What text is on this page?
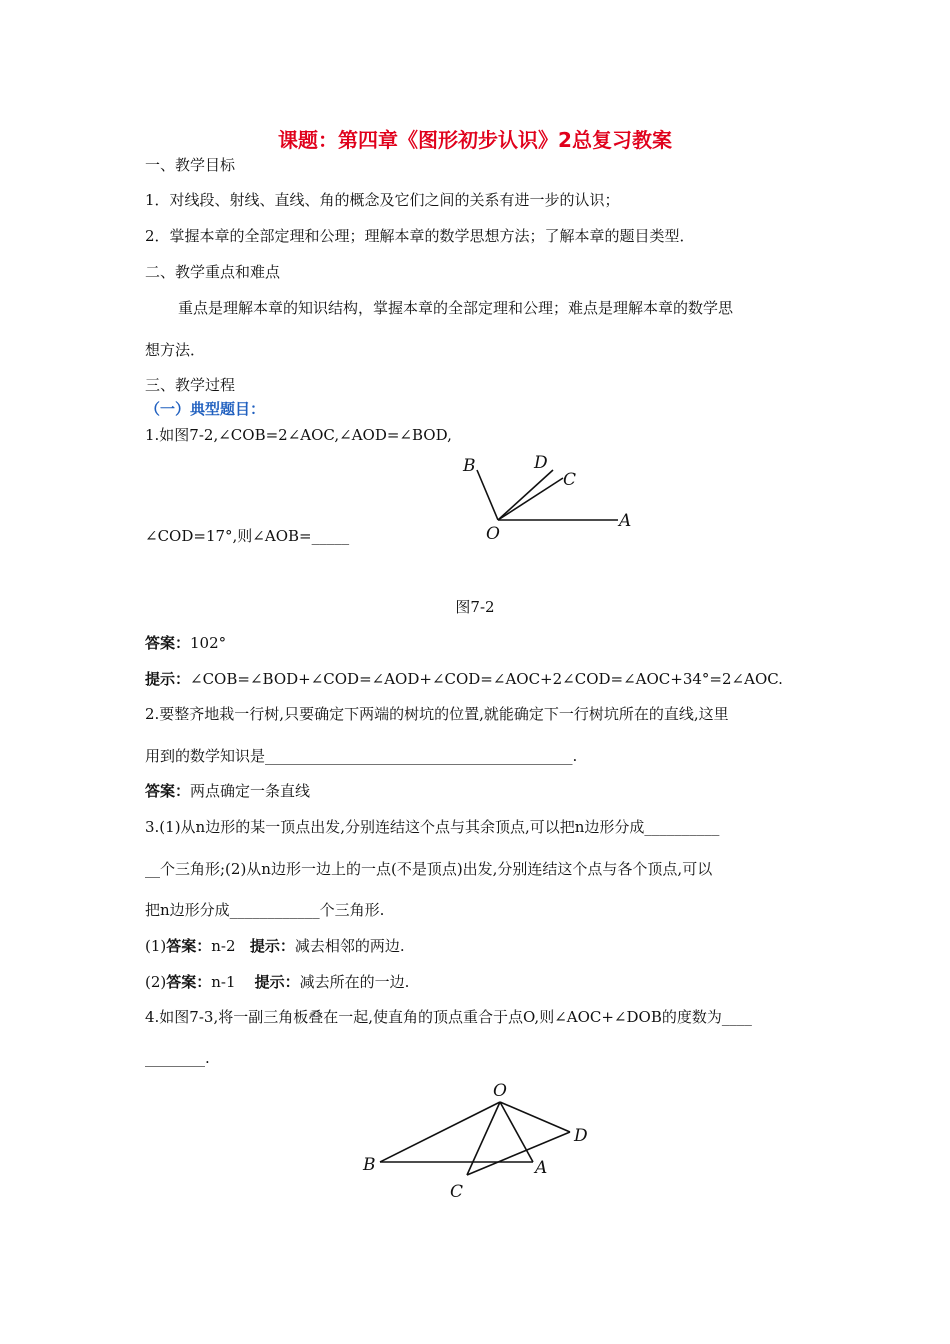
课题：第四章《图形初步认识》2总复习教案
一、教学目标
1．对线段、射线、直线、角的概念及它们之间的关系有进一步的认识；
2．掌握本章的全部定理和公理；理解本章的数学思想方法；了解本章的题目类型．
二、教学重点和难点
重点是理解本章的知识结构，掌握本章的全部定理和公理；难点是理解本章的数学思
想方法．
三、教学过程
（一）典型题目：
1.如图7-2,∠COB=2∠AOC,∠AOD=∠BOD,
∠COD=17°,则∠AOB=_____
B	D
C
O
A
图7-2
答案：102°
提示：∠COB=∠BOD+∠COD=∠AOD+∠COD=∠AOC+2∠COD=∠AOC+34°=2∠AOC.
2.要整齐地栽一行树,只要确定下两端的树坑的位置,就能确定下一行树坑所在的直线,这里
用到的数学知识是_________________________________________.
答案：两点确定一条直线
3.(1)从n边形的某一顶点出发,分别连结这个点与其余顶点,可以把n边形分成__________
__个三角形;(2)从n边形一边上的一点(不是顶点)出发,分别连结这个点与各个顶点,可以
把n边形分成____________个三角形.
(1)答案：n-2 提示：减去相邻的两边.
(2)答案：n-1 提示：减去所在的一边.
4.如图7-3,将一副三角板叠在一起,使直角的顶点重合于点O,则∠AOC+∠DOB的度数为____
________.
O
B	A
D
C
